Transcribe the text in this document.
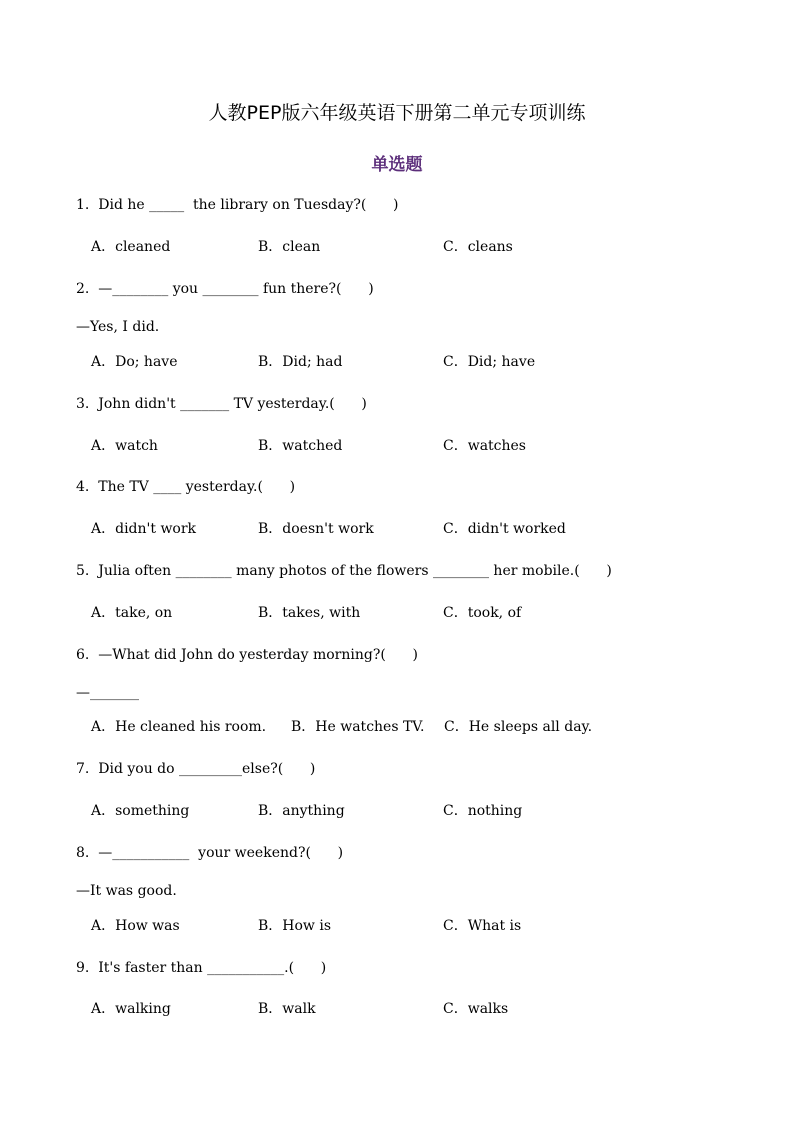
人教PEP版六年级英语下册第二单元专项训练
单选题
1.  Did he _____  the library on Tuesday?(      )
A．cleaned	B．clean	C．cleans
2.  —________ you ________ fun there?(      )
—Yes, I did.
A．Do; have	B．Did; had	C．Did; have
3.  John didn't _______ TV yesterday.(      )
A．watch	B．watched	C．watches
4.  The TV ____ yesterday.(      )
A．didn't work	B．doesn't work	C．didn't worked
5.  Julia often ________ many photos of the flowers ________ her mobile.(      )
A．take, on	B．takes, with	C．took, of
6.  —What did John do yesterday morning?(      )
—_______
A．He cleaned his room. B．He watches TV. C．He sleeps all day.
7.  Did you do _________else?(      )
A．something	B．anything	C．nothing
8.  —___________  your weekend?(      )
—It was good.
A．How was	B．How is	C．What is
9.  It's faster than ___________.(      )
A．walking	B．walk	C．walks
